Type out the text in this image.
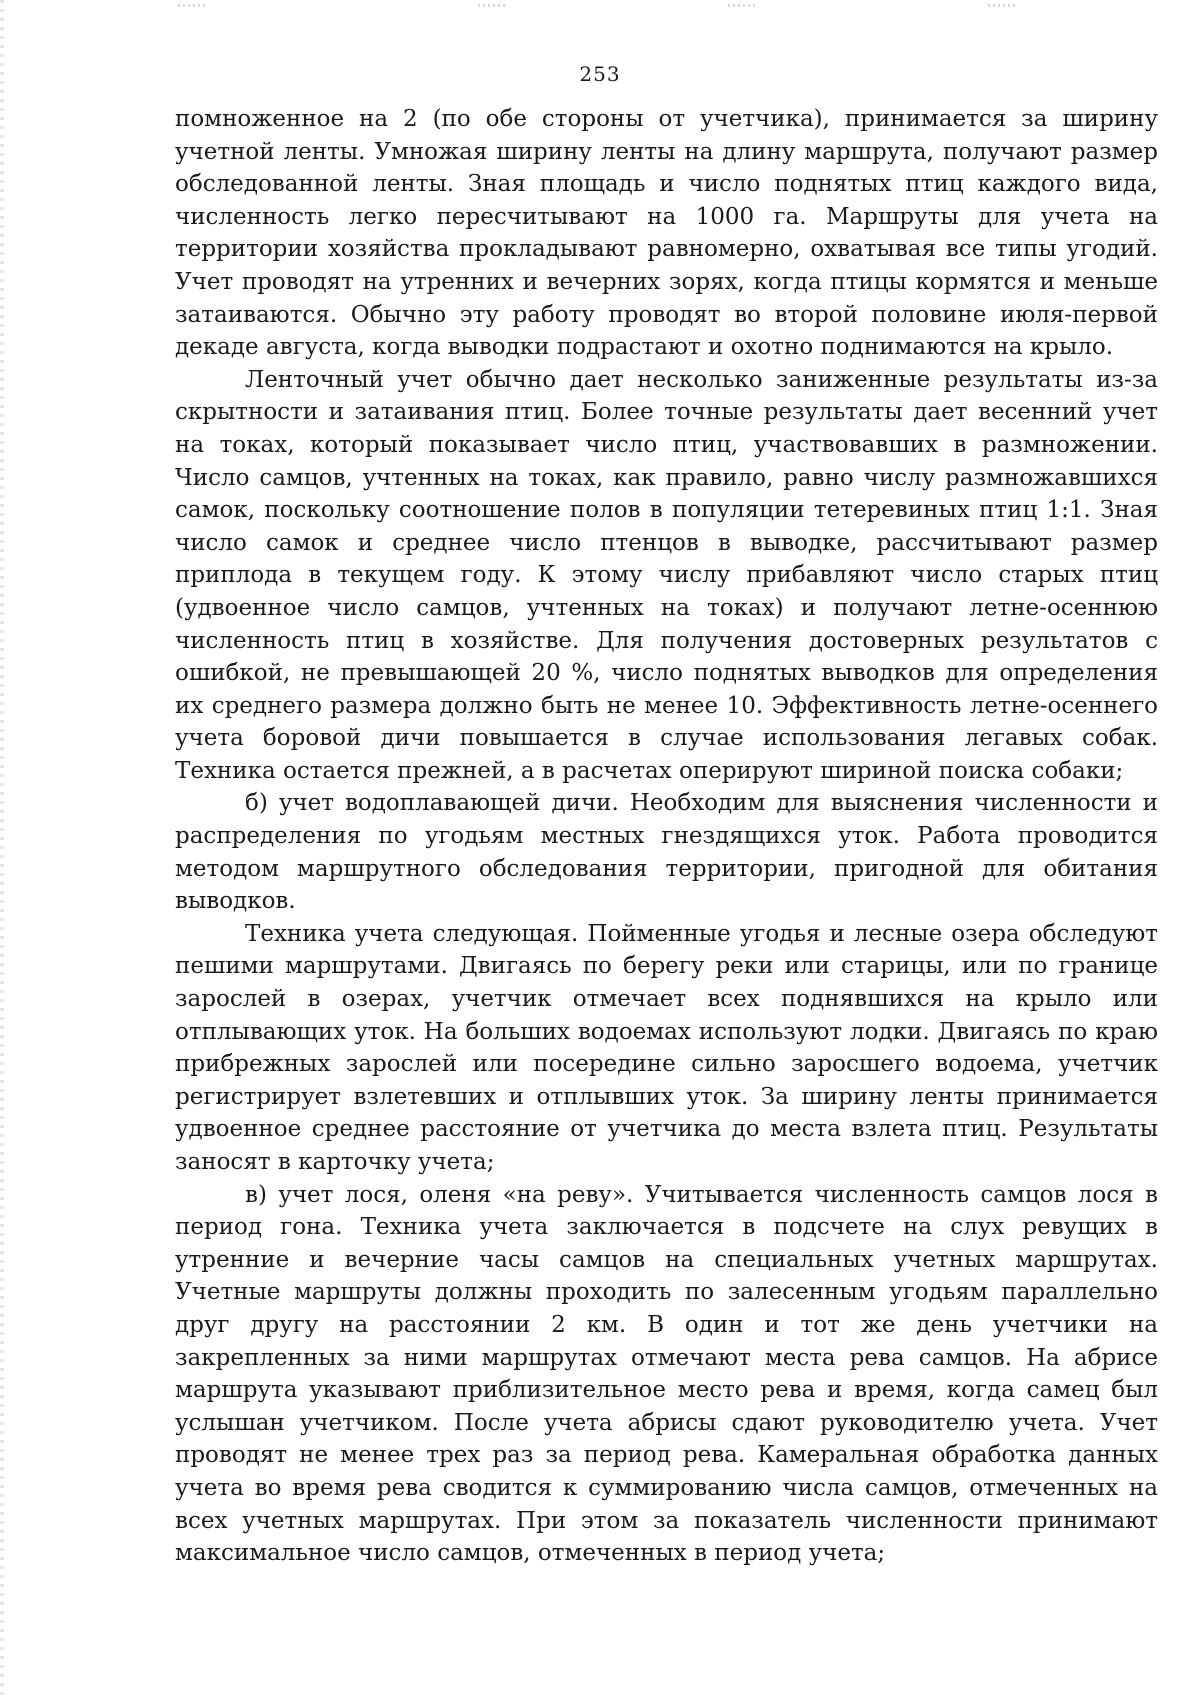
253

помноженное на 2 (по обе стороны от учетчика), принимается за ширину учетной ленты. Умножая ширину ленты на длину маршрута, получают размер обследованной ленты. Зная площадь и число поднятых птиц каждого вида, численность легко пересчитывают на 1000 га. Маршруты для учета на территории хозяйства прокладывают равномерно, охватывая все типы угодий. Учет проводят на утренних и вечерних зорях, когда птицы кормятся и меньше затаиваются. Обычно эту работу проводят во второй половине июля-первой декаде августа, когда выводки подрастают и охотно поднимаются на крыло.

Ленточный учет обычно дает несколько заниженные результаты из-за скрытности и затаивания птиц. Более точные результаты дает весенний учет на токах, который показывает число птиц, участвовавших в размножении. Число самцов, учтенных на токах, как правило, равно числу размножавшихся самок, поскольку соотношение полов в популяции тетеревиных птиц 1:1. Зная число самок и среднее число птенцов в выводке, рассчитывают размер приплода в текущем году. К этому числу прибавляют число старых птиц (удвоенное число самцов, учтенных на токах) и получают летне-осеннюю численность птиц в хозяйстве. Для получения достоверных результатов с ошибкой, не превышающей 20 %, число поднятых выводков для определения их среднего размера должно быть не менее 10. Эффективность летне-осеннего учета боровой дичи повышается в случае использования легавых собак. Техника остается прежней, а в расчетах оперируют шириной поиска собаки;

б) учет водоплавающей дичи. Необходим для выяснения численности и распределения по угодьям местных гнездящихся уток. Работа проводится методом маршрутного обследования территории, пригодной для обитания выводков.

Техника учета следующая. Пойменные угодья и лесные озера обследуют пешими маршрутами. Двигаясь по берегу реки или старицы, или по границе зарослей в озерах, учетчик отмечает всех поднявшихся на крыло или отплывающих уток. На больших водоемах используют лодки. Двигаясь по краю прибрежных зарослей или посередине сильно заросшего водоема, учетчик регистрирует взлетевших и отплывших уток. За ширину ленты принимается удвоенное среднее расстояние от учетчика до места взлета птиц. Результаты заносят в карточку учета;

в) учет лося, оленя «на реву». Учитывается численность самцов лося в период гона. Техника учета заключается в подсчете на слух ревущих в утренние и вечерние часы самцов на специальных учетных маршрутах. Учетные маршруты должны проходить по залесенным угодьям параллельно друг другу на расстоянии 2 км. В один и тот же день учетчики на закрепленных за ними маршрутах отмечают места рева самцов. На абрисе маршрута указывают приблизительное место рева и время, когда самец был услышан учетчиком. После учета абрисы сдают руководителю учета. Учет проводят не менее трех раз за период рева. Камеральная обработка данных учета во время рева сводится к суммированию числа самцов, отмеченных на всех учетных маршрутах. При этом за показатель численности принимают максимальное число самцов, отмеченных в период учета;
